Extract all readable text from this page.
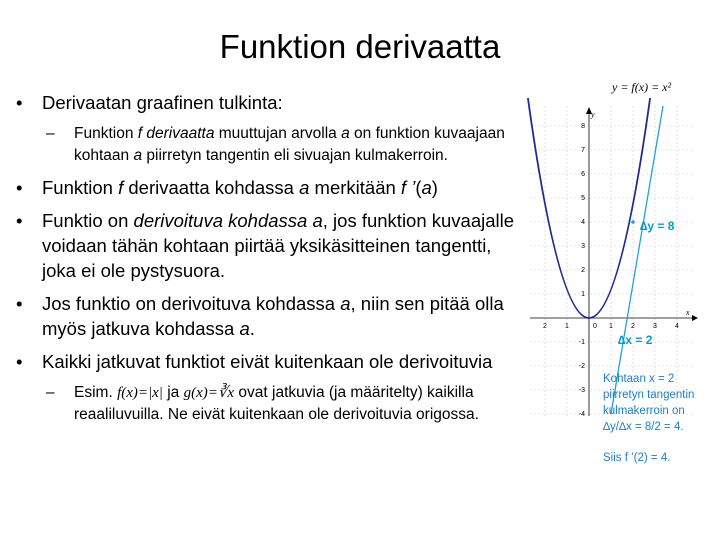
Funktion derivaatta
• Derivaatan graafinen tulkinta:
– Funktion f derivaatta muuttujan arvolla a on funktion kuvaajaan kohtaan a piirretyn tangentin eli sivuajan kulmakerroin.
• Funktion f derivaatta kohdassa a merkitään f ’(a)
• Funktio on derivoituva kohdassa a, jos funktion kuvaajalle voidaan tähän kohtaan piirtää yksikäsitteinen tangentti, joka ei ole pystysuora.
• Jos funktio on derivoituva kohdassa a, niin sen pitää olla myös jatkuva kohdassa a.
• Kaikki jatkuvat funktiot eivät kuitenkaan ole derivoituvia
– Esim. f(x)=|x| ja g(x)=∛x ovat jatkuvia (ja määritelty) kaikilla reaaliluvuilla. Ne eivät kuitenkaan ole derivoituvia origossa.
y = f(x) = x²
y
x
2	1	0 1	2	3	4
8
7
6
5
4
3
2
1
-1
-2
-3
-4
∆y = 8
∆x = 2
Kohtaan x = 2
piirretyn tangentin
kulmakerroin on
∆y/∆x = 8/2 = 4.
Siis f ’(2) = 4.
